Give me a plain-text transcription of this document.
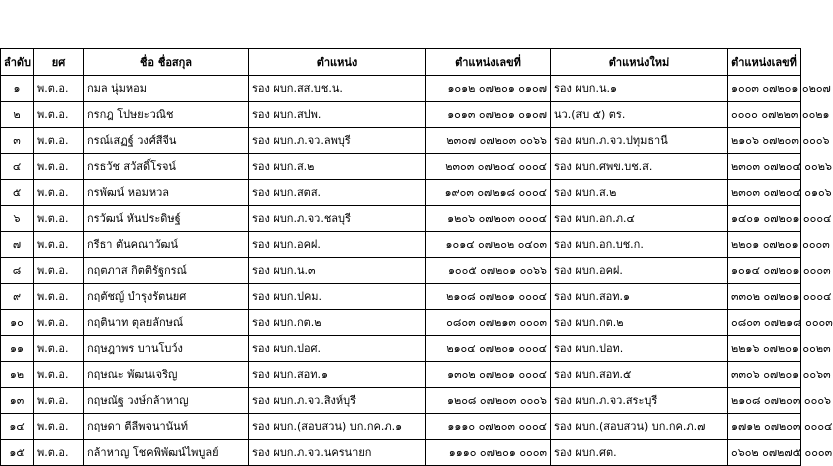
ลำดับ	ยศ	ชื่อ ชื่อสกุล	ตำแหน่ง	ตำแหน่งเลขที่	ตำแหน่งใหม่	ตำแหน่งเลขที่
๑	พ.ต.อ.	กมล นุ่มหอม	รอง ผบก.สส.บช.น.	๑๐๑๒ ๐๗๒๐๑ ๐๑๐๗	รอง ผบก.น.๑	๑๐๐๓ ๐๗๒๐๑ ๐๒๐๗
๒	พ.ต.อ.	กรกฎ โปษยะวณิช	รอง ผบก.สปพ.	๑๐๑๓ ๐๗๒๐๑ ๐๑๐๗	นว.(สบ ๕) ตร.	๐๐๐๐ ๐๗๒๒๓ ๐๐๒๑
๓	พ.ต.อ.	กรณ์เสฏฐ์ วงศ์สีจีน	รอง ผบก.ภ.จว.ลพบุรี	๒๓๐๗ ๐๗๒๐๓ ๐๐๖๖	รอง ผบก.ภ.จว.ปทุมธานี	๒๑๐๖ ๐๗๒๐๓ ๐๐๐๖
๔	พ.ต.อ.	กรธวัช สวัสดิ์โรจน์	รอง ผบก.ส.๒	๒๓๐๓ ๐๗๒๐๔ ๐๐๐๔	รอง ผบก.ศพข.บช.ส.	๒๓๐๓ ๐๗๒๐๔ ๐๐๒๖
๕	พ.ต.อ.	กรพัฒน์ หอมหวล	รอง ผบก.สตส.	๑๙๐๓ ๐๗๒๑๘ ๐๐๐๔	รอง ผบก.ส.๒	๒๓๐๓ ๐๗๒๐๔ ๐๑๐๖
๖	พ.ต.อ.	กรวัฒน์ หันประดิษฐ์	รอง ผบก.ภ.จว.ชลบุรี	๑๒๐๖ ๐๗๒๐๓ ๐๐๐๔	รอง ผบก.อก.ภ.๔	๑๔๐๑ ๐๗๒๐๑ ๐๐๐๔
๗	พ.ต.อ.	กรีธา ตันคณาวัฒน์	รอง ผบก.อคฝ.	๑๐๑๔ ๐๗๒๐๒ ๐๔๐๓	รอง ผบก.อก.บช.ก.	๒๒๐๑ ๐๗๒๐๑ ๐๐๐๓
๘	พ.ต.อ.	กฤตภาส กิตติรัฐกรณ์	รอง ผบก.น.๓	๑๐๐๕ ๐๗๒๐๑ ๐๐๖๖	รอง ผบก.อคฝ.	๑๐๑๔ ๐๗๒๐๑ ๐๐๐๓
๙	พ.ต.อ.	กฤตัชญ์ บำรุงรัตนยศ	รอง ผบก.ปคม.	๒๑๐๘ ๐๗๒๐๑ ๐๐๐๔	รอง ผบก.สอท.๑	๓๓๐๒ ๐๗๒๐๑ ๐๐๐๔
๑๐	พ.ต.อ.	กฤตินาท ตุลยลักษณ์	รอง ผบก.กต.๒	๐๘๐๓ ๐๗๒๑๓ ๐๐๐๓	รอง ผบก.กต.๒	๐๘๐๓ ๐๗๒๑๘ ๐๐๐๓
๑๑	พ.ต.อ.	กฤษฎาพร บานโบว์ง	รอง ผบก.ปอศ.	๒๑๐๔ ๐๗๒๐๑ ๐๐๐๔	รอง ผบก.ปอท.	๒๒๑๖ ๐๗๒๐๑ ๐๐๒๓
๑๒	พ.ต.อ.	กฤษณะ พัฒนเจริญ	รอง ผบก.สอท.๑	๑๓๐๒ ๐๗๒๐๑ ๐๐๐๔	รอง ผบก.สอท.๕	๓๓๐๖ ๐๗๒๐๑ ๐๐๖๓
๑๓	พ.ต.อ.	กฤษณัฐ วงษ์กล้าหาญ	รอง ผบก.ภ.จว.สิงห์บุรี	๑๒๐๘ ๐๗๒๐๓ ๐๐๐๖	รอง ผบก.ภ.จว.สระบุรี	๒๑๐๘ ๐๗๒๐๓ ๐๐๐๖
๑๔	พ.ต.อ.	กฤษดา ตีลีพจนานันท์	รอง ผบก.(สอบสวน) บก.กค.ภ.๑	๑๑๑๐ ๐๗๒๐๓ ๐๐๐๔	รอง ผบก.(สอบสวน) บก.กค.ภ.๗	๑๗๑๒ ๐๗๒๐๓ ๐๐๐๔
๑๕	พ.ต.อ.	กล้าหาญ โชคพิพัฒน์ไพบูลย์	รอง ผบก.ภ.จว.นครนายก	๑๑๑๐ ๐๗๒๐๑ ๐๐๐๓	รอง ผบก.ศต.	๐๖๐๒ ๐๗๒๗๕ ๐๐๐๓
